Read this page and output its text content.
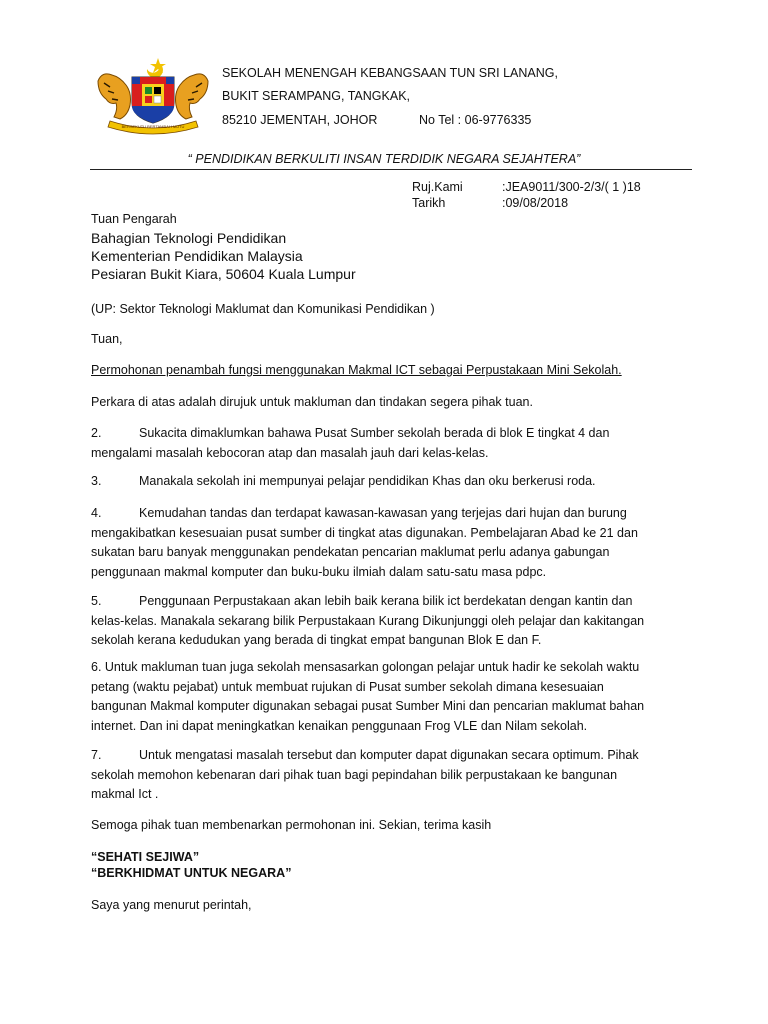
BERSEKUTU BERTAMBAH MUTU
SEKOLAH MENENGAH KEBANGSAAN TUN SRI LANANG,
BUKIT SERAMPANG, TANGKAK,
85210 JEMENTAH, JOHOR	No Tel : 06-9776335
“ PENDIDIKAN BERKULITI INSAN TERDIDIK NEGARA SEJAHTERA”
Ruj.Kami	:JEA9011/300-2/3/( 1 )18
Tarikh	:09/08/2018
Tuan Pengarah
Bahagian Teknologi Pendidikan
Kementerian Pendidikan Malaysia
Pesiaran Bukit Kiara, 50604 Kuala Lumpur
(UP: Sektor Teknologi Maklumat dan Komunikasi Pendidikan )
Tuan,
Permohonan penambah fungsi menggunakan Makmal ICT sebagai Perpustakaan Mini Sekolah.
Perkara di atas adalah dirujuk untuk makluman dan tindakan segera pihak tuan.
2.	Sukacita dimaklumkan bahawa Pusat Sumber sekolah berada di blok E tingkat 4 dan
mengalami masalah kebocoran atap dan masalah jauh dari kelas-kelas.
3.	Manakala sekolah ini mempunyai pelajar pendidikan Khas dan oku berkerusi roda.
4.	Kemudahan tandas dan terdapat kawasan-kawasan yang terjejas dari hujan dan burung
mengakibatkan kesesuaian pusat sumber di tingkat atas digunakan. Pembelajaran Abad ke 21 dan
sukatan baru banyak menggunakan pendekatan pencarian maklumat perlu adanya gabungan
penggunaan makmal komputer dan buku-buku ilmiah dalam satu-satu masa pdpc.
5.	Penggunaan Perpustakaan akan lebih baik kerana bilik ict berdekatan dengan kantin dan
kelas-kelas. Manakala sekarang bilik Perpustakaan Kurang Dikunjunggi oleh pelajar dan kakitangan
sekolah kerana kedudukan yang berada di tingkat empat bangunan Blok E dan F.
6. Untuk makluman tuan juga sekolah mensasarkan golongan pelajar untuk hadir ke sekolah waktu
petang (waktu pejabat) untuk membuat rujukan di Pusat sumber sekolah dimana kesesuaian
bangunan Makmal komputer digunakan sebagai pusat Sumber Mini dan pencarian maklumat bahan
internet. Dan ini dapat meningkatkan kenaikan penggunaan Frog VLE dan Nilam sekolah.
7.	Untuk mengatasi masalah tersebut dan komputer dapat digunakan secara optimum. Pihak
sekolah memohon kebenaran dari pihak tuan bagi pepindahan bilik perpustakaan ke bangunan
makmal Ict .
Semoga pihak tuan membenarkan permohonan ini. Sekian, terima kasih
“SEHATI SEJIWA”
“BERKHIDMAT UNTUK NEGARA”
Saya yang menurut perintah,
